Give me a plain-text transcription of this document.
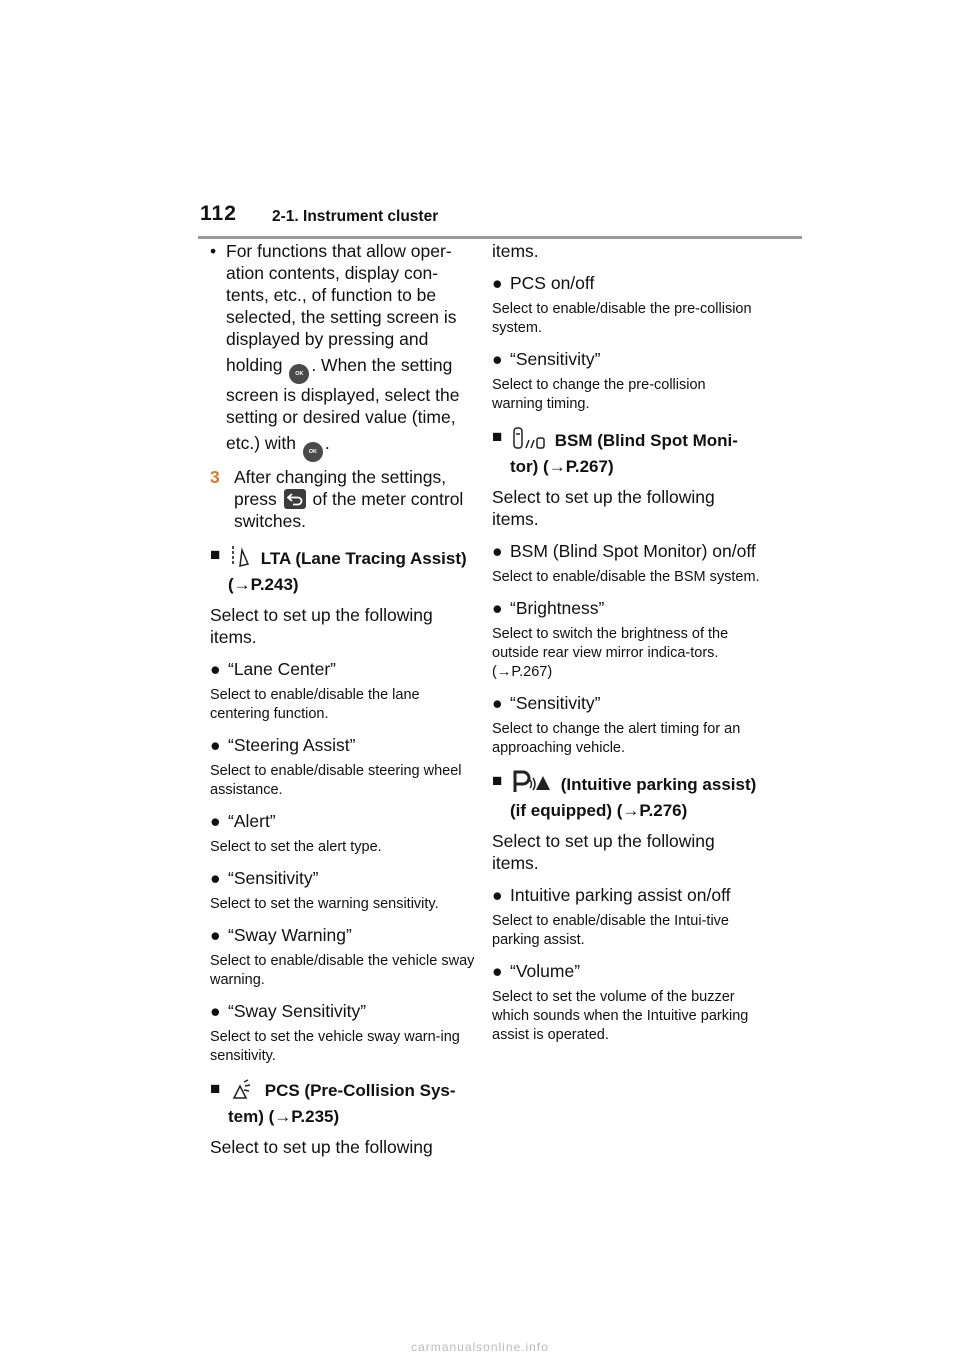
112 2-1. Instrument cluster
• For functions that allow oper-ation contents, display con-tents, etc., of function to be selected, the setting screen is displayed by pressing and
holding OK . When the setting screen is displayed, select the setting or desired value (time,
etc.) with OK .
3 After changing the settings, press of the meter control switches.
■ LTA (Lane Tracing Assist) (→P.243)
Select to set up the following items.
● “Lane Center”
Select to enable/disable the lane centering function.
● “Steering Assist”
Select to enable/disable steering wheel assistance.
● “Alert”
Select to set the alert type.
● “Sensitivity”
Select to set the warning sensitivity.
● “Sway Warning”
Select to enable/disable the vehicle sway warning.
● “Sway Sensitivity”
Select to set the vehicle sway warn-ing sensitivity.
■	PCS (Pre-Collision Sys-tem) (→P.235)
Select to set up the following
items.
● PCS on/off
Select to enable/disable the pre-collision system.
● “Sensitivity”
Select to change the pre-collision warning timing.
■	BSM (Blind Spot Moni-tor) (→P.267)
Select to set up the following items.
● BSM (Blind Spot Monitor) on/off
Select to enable/disable the BSM system.
● “Brightness”
Select to switch the brightness of the outside rear view mirror indica-tors. (→P.267)
● “Sensitivity”
Select to change the alert timing for an approaching vehicle.
■	(Intuitive parking assist) (if equipped) (→P.276)
Select to set up the following items.
● Intuitive parking assist on/off
Select to enable/disable the Intui-tive parking assist.
● “Volume”
Select to set the volume of the buzzer which sounds when the Intuitive parking assist is operated.
carmanualsonline.info
